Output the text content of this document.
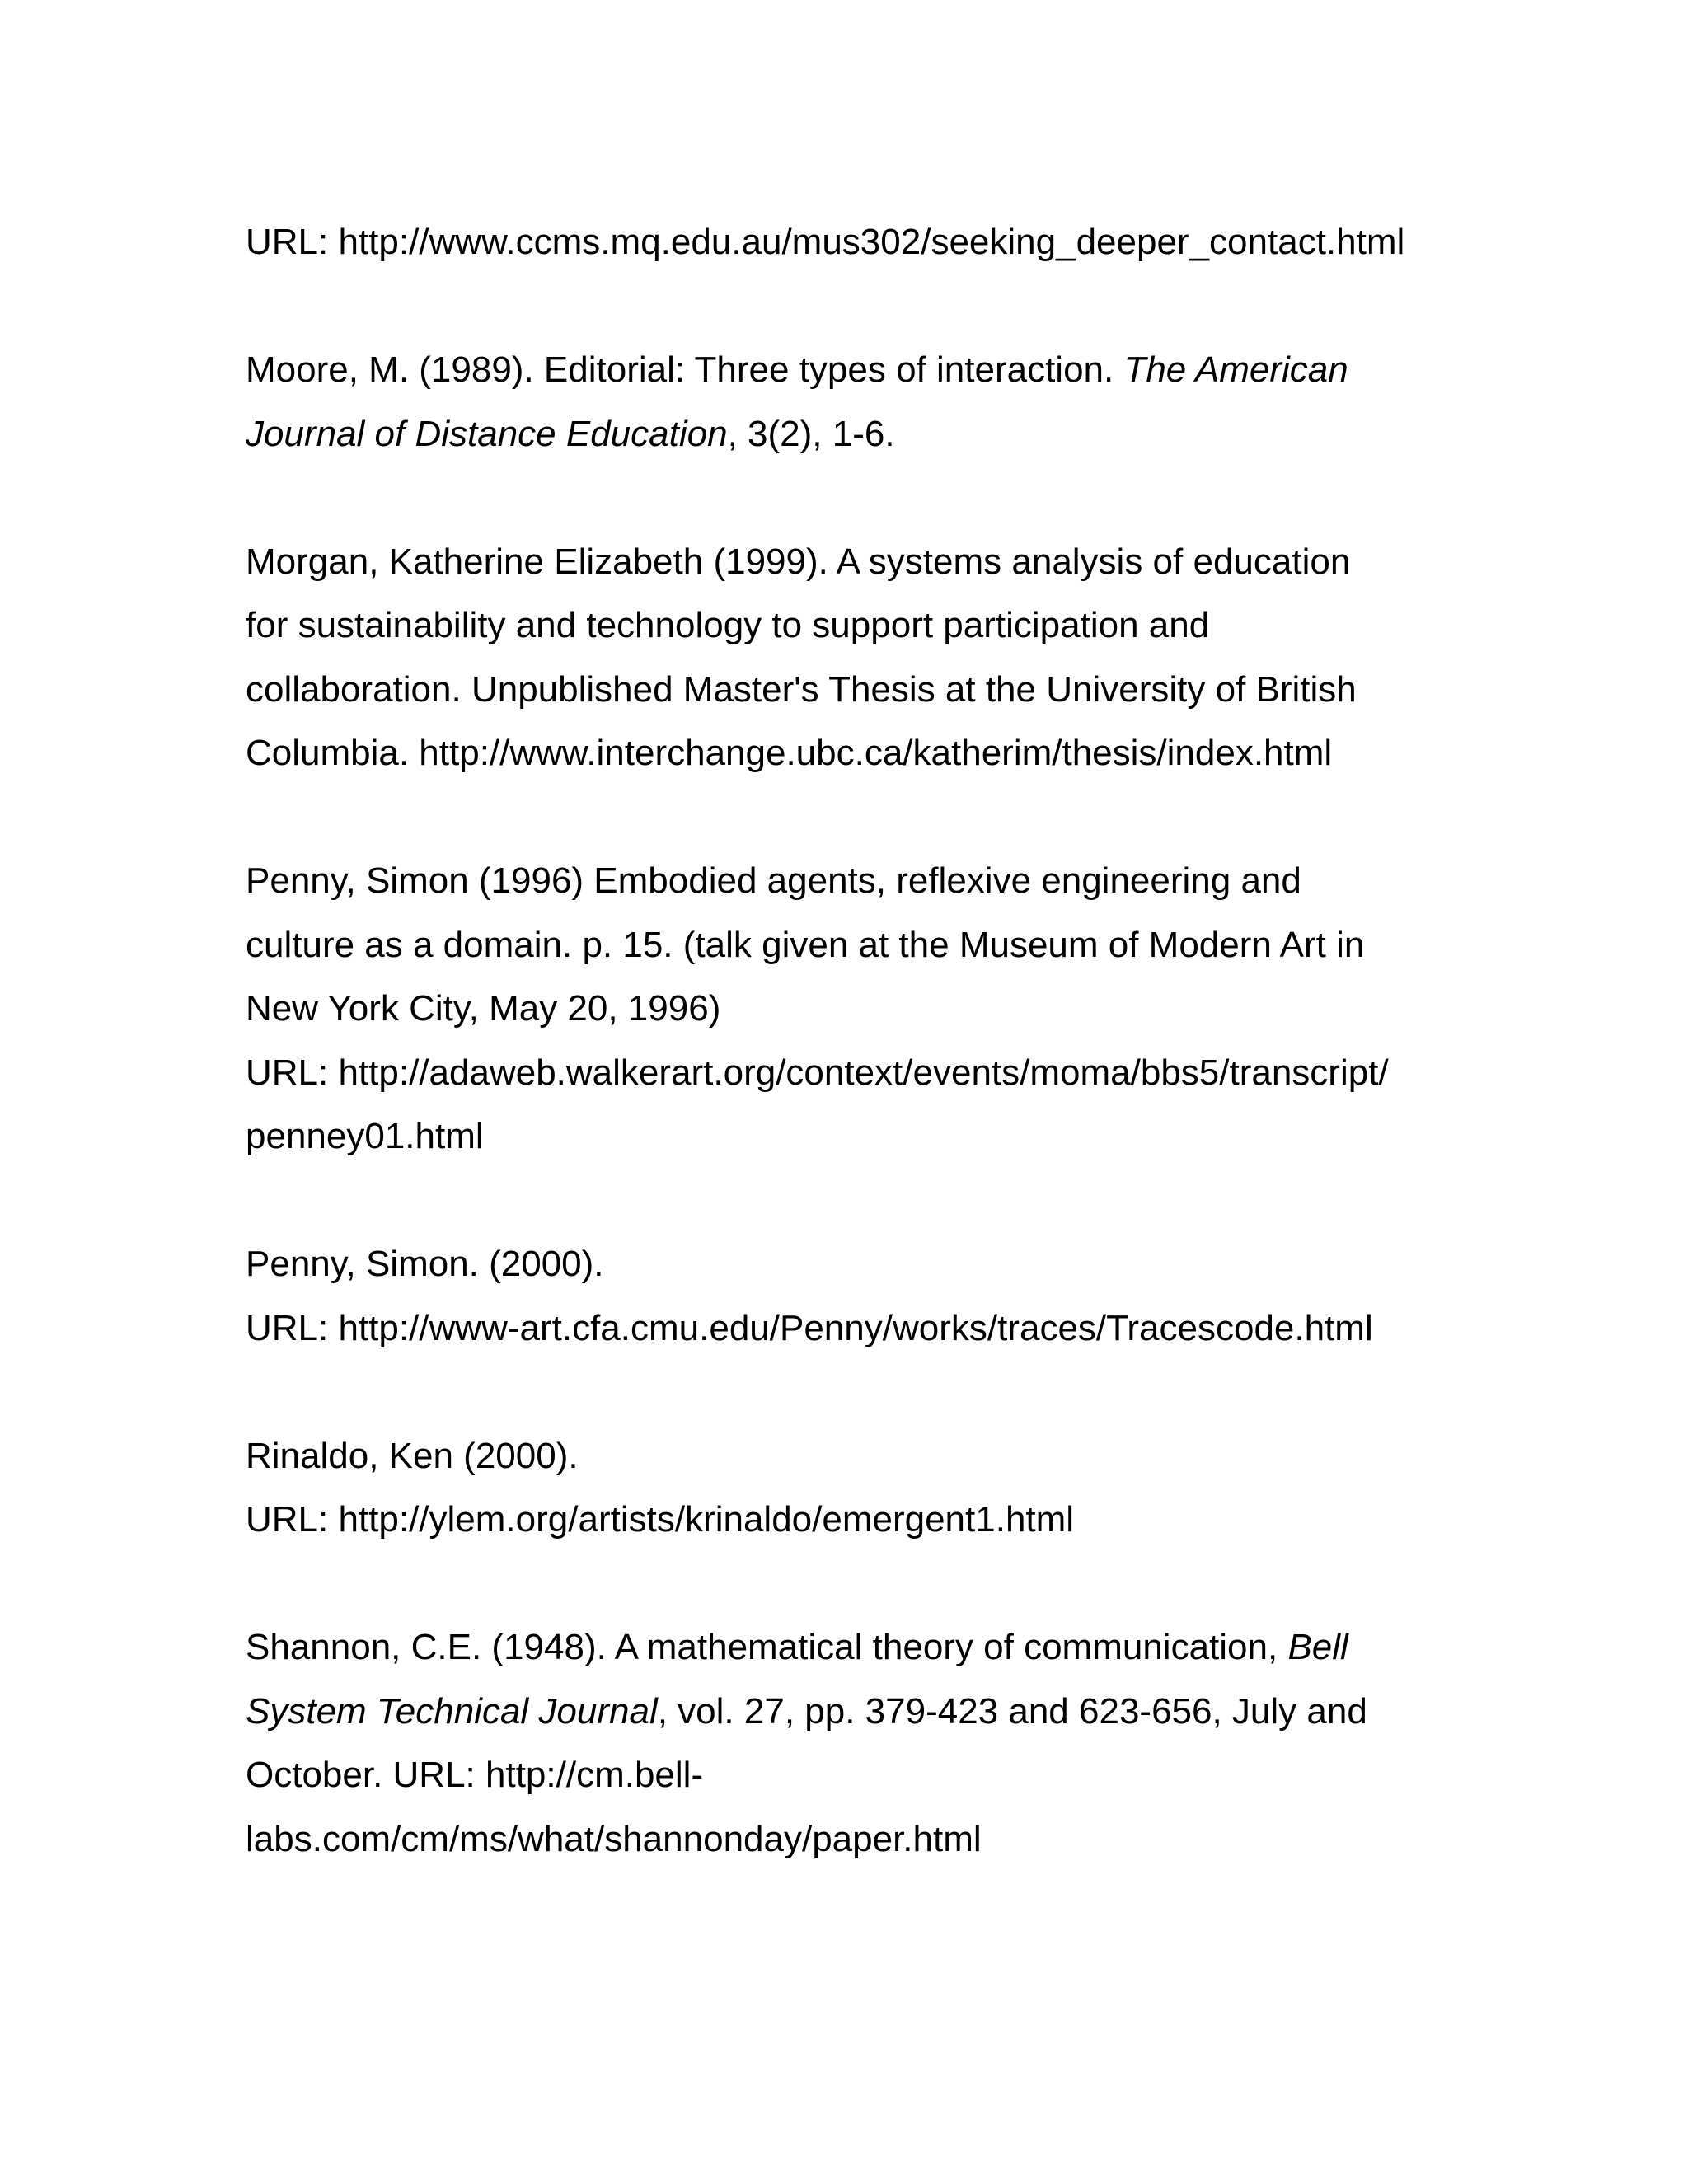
URL: http://www.ccms.mq.edu.au/mus302/seeking_deeper_contact.html
Moore, M. (1989). Editorial: Three types of interaction. The American
Journal of Distance Education, 3(2), 1-6.
Morgan, Katherine Elizabeth (1999). A systems analysis of education
for sustainability and technology to support participation and
collaboration. Unpublished Master's Thesis at the University of British
Columbia. http://www.interchange.ubc.ca/katherim/thesis/index.html
Penny, Simon (1996) Embodied agents, reflexive engineering and
culture as a domain. p. 15. (talk given at the Museum of Modern Art in
New York City, May 20, 1996)
URL: http://adaweb.walkerart.org/context/events/moma/bbs5/transcript/
penney01.html
Penny, Simon. (2000).
URL: http://www-art.cfa.cmu.edu/Penny/works/traces/Tracescode.html
Rinaldo, Ken (2000).
URL: http://ylem.org/artists/krinaldo/emergent1.html
Shannon, C.E. (1948). A mathematical theory of communication, Bell
System Technical Journal, vol. 27, pp. 379-423 and 623-656, July and
October. URL: http://cm.bell-
labs.com/cm/ms/what/shannonday/paper.html
